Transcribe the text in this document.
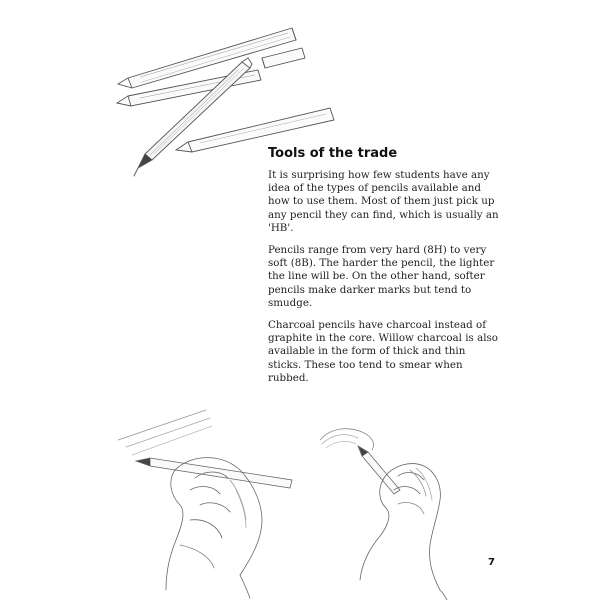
Tools of the trade

It is surprising how few students have any idea of the types of pencils available and how to use them. Most of them just pick up any pencil they can find, which is usually an 'HB'.

Pencils range from very hard (8H) to very soft (8B). The harder the pencil, the lighter the line will be. On the other hand, softer pencils make darker marks but tend to smudge.

Charcoal pencils have charcoal instead of graphite in the core. Willow charcoal is also available in the form of thick and thin sticks. These too tend to smear when rubbed.

7
